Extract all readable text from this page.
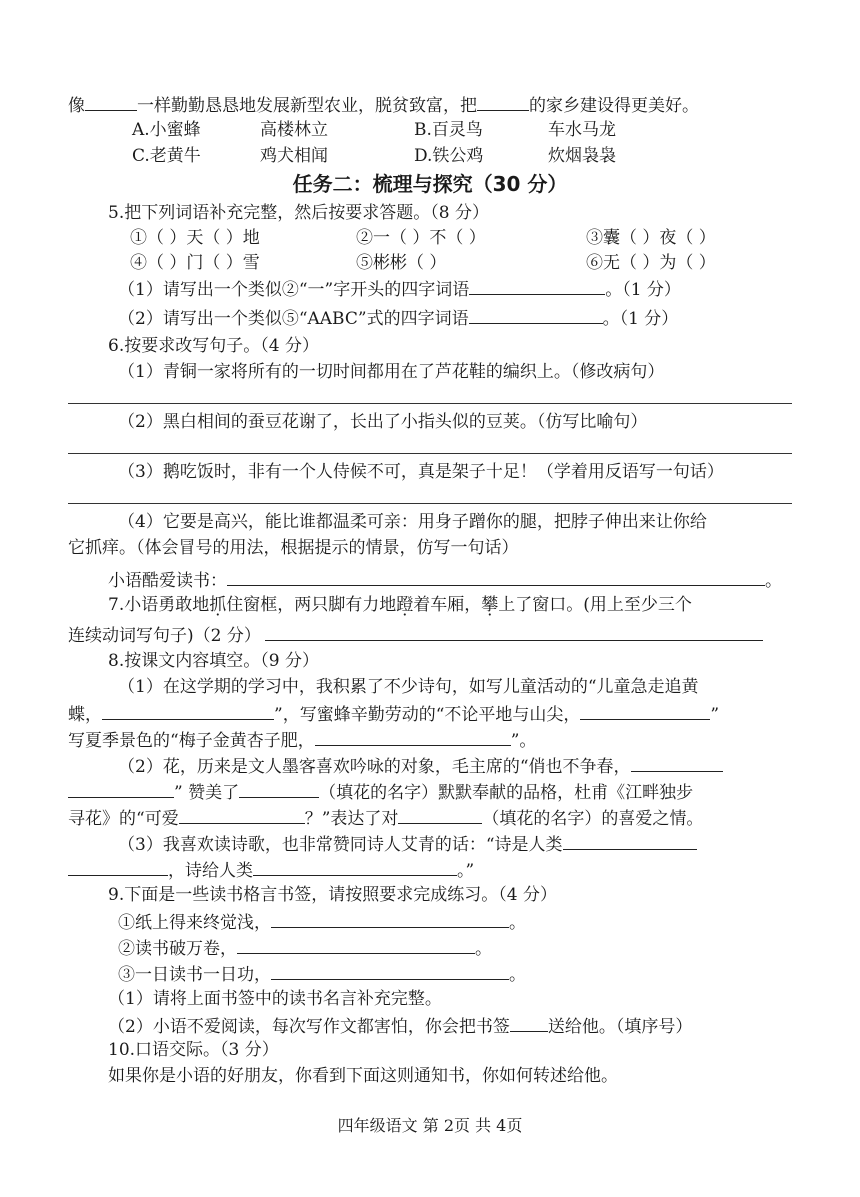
像	一样勤勤恳恳地发展新型农业，脱贫致富，把	的家乡建设得更美好。
A.小蜜蜂	高楼林立	B.百灵鸟	车水马龙
C.老黄牛	鸡犬相闻	D.铁公鸡	炊烟袅袅
任务二：梳理与探究（30 分）
5.把下列词语补充完整，然后按要求答题。（8 分）
①（ ）天（ ）地	②一（ ）不（ ）	③囊（ ）夜（ ）
④（ ）门（ ）雪	⑤彬彬（ ）	⑥无（ ）为（ ）
（1）请写出一个类似②“一”字开头的四字词语	。（1 分）
（2）请写出一个类似⑤“AABC”式的四字词语	。（1 分）
6.按要求改写句子。（4 分）
（1）青铜一家将所有的一切时间都用在了芦花鞋的编织上。（修改病句）
（2）黑白相间的蚕豆花谢了，长出了小指头似的豆荚。（仿写比喻句）
（3）鹅吃饭时，非有一个人侍候不可，真是架子十足！（学着用反语写一句话）
（4）它要是高兴，能比谁都温柔可亲：用身子蹭你的腿，把脖子伸出来让你给
它抓痒。（体会冒号的用法，根据提示的情景，仿写一句话）
小语酷爱读书：	。
7.小语勇敢地抓住窗框，两只脚有力地蹬着车厢，攀上了窗口。(用上至少三个
连续动词写句子)（2 分）
8.按课文内容填空。（9 分）
（1）在这学期的学习中，我积累了不少诗句，如写儿童活动的“儿童急走追黄
蝶，	”，写蜜蜂辛勤劳动的“不论平地与山尖，	”
写夏季景色的“梅子金黄杏子肥，	”。
（2）花，历来是文人墨客喜欢吟咏的对象，毛主席的“俏也不争春，
” 赞美了	（填花的名字）默默奉献的品格，杜甫《江畔独步
寻花》的“可爱	？”表达了对	（填花的名字）的喜爱之情。
（3）我喜欢读诗歌，也非常赞同诗人艾青的话：“诗是人类
，诗给人类	。”
9.下面是一些读书格言书签，请按照要求完成练习。（4 分）
①纸上得来终觉浅，	。
②读书破万卷，	。
③一日读书一日功，	。
（1）请将上面书签中的读书名言补充完整。
（2）小语不爱阅读，每次写作文都害怕，你会把书签 送给他。（填序号）
10.口语交际。（3 分）
如果你是小语的好朋友，你看到下面这则通知书，你如何转述给他。
四年级语文 第 2页 共 4页
